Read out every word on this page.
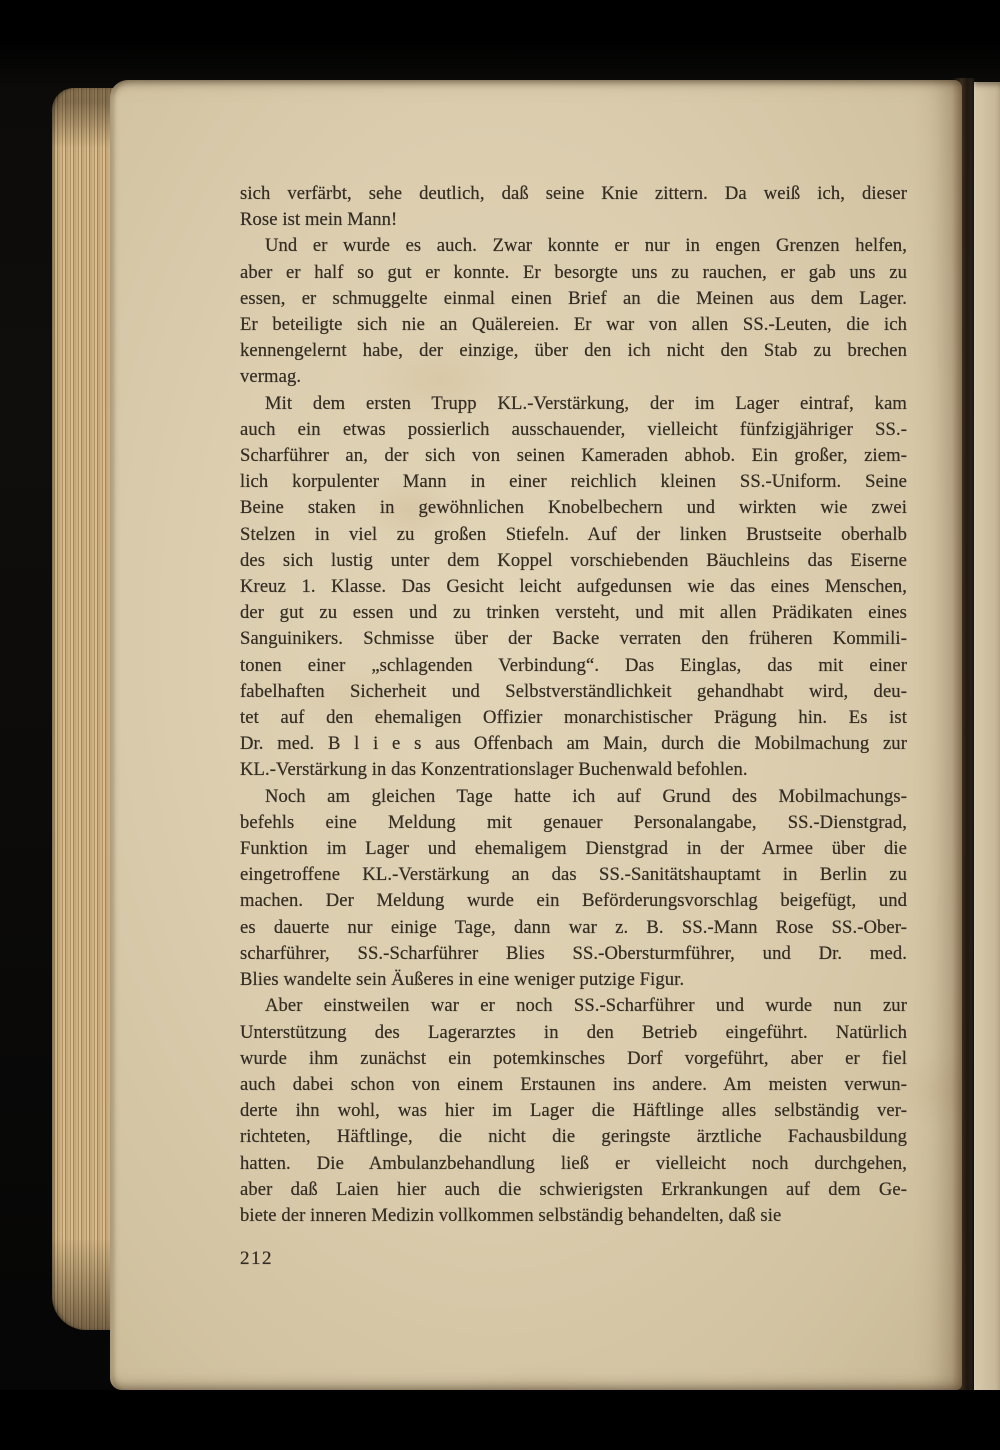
sich verfärbt, sehe deutlich, daß seine Knie zittern. Da weiß ich, dieser
Rose ist mein Mann!
Und er wurde es auch. Zwar konnte er nur in engen Grenzen helfen,
aber er half so gut er konnte. Er besorgte uns zu rauchen, er gab uns zu
essen, er schmuggelte einmal einen Brief an die Meinen aus dem Lager.
Er beteiligte sich nie an Quälereien. Er war von allen SS.-Leuten, die ich
kennengelernt habe, der einzige, über den ich nicht den Stab zu brechen
vermag.
Mit dem ersten Trupp KL.-Verstärkung, der im Lager eintraf, kam
auch ein etwas possierlich ausschauender, vielleicht fünfzigjähriger SS.-
Scharführer an, der sich von seinen Kameraden abhob. Ein großer, ziem-
lich korpulenter Mann in einer reichlich kleinen SS.-Uniform. Seine
Beine staken in gewöhnlichen Knobelbechern und wirkten wie zwei
Stelzen in viel zu großen Stiefeln. Auf der linken Brustseite oberhalb
des sich lustig unter dem Koppel vorschiebenden Bäuchleins das Eiserne
Kreuz 1. Klasse. Das Gesicht leicht aufgedunsen wie das eines Menschen,
der gut zu essen und zu trinken versteht, und mit allen Prädikaten eines
Sanguinikers. Schmisse über der Backe verraten den früheren Kommili-
tonen einer „schlagenden Verbindung“. Das Einglas, das mit einer
fabelhaften Sicherheit und Selbstverständlichkeit gehandhabt wird, deu-
tet auf den ehemaligen Offizier monarchistischer Prägung hin. Es ist
Dr. med. B l i e s aus Offenbach am Main, durch die Mobilmachung zur
KL.-Verstärkung in das Konzentrationslager Buchenwald befohlen.
Noch am gleichen Tage hatte ich auf Grund des Mobilmachungs-
befehls eine Meldung mit genauer Personalangabe, SS.-Dienstgrad,
Funktion im Lager und ehemaligem Dienstgrad in der Armee über die
eingetroffene KL.-Verstärkung an das SS.-Sanitätshauptamt in Berlin zu
machen. Der Meldung wurde ein Beförderungsvorschlag beigefügt, und
es dauerte nur einige Tage, dann war z. B. SS.-Mann Rose SS.-Ober-
scharführer, SS.-Scharführer Blies SS.-Obersturmführer, und Dr. med.
Blies wandelte sein Äußeres in eine weniger putzige Figur.
Aber einstweilen war er noch SS.-Scharführer und wurde nun zur
Unterstützung des Lagerarztes in den Betrieb eingeführt. Natürlich
wurde ihm zunächst ein potemkinsches Dorf vorgeführt, aber er fiel
auch dabei schon von einem Erstaunen ins andere. Am meisten verwun-
derte ihn wohl, was hier im Lager die Häftlinge alles selbständig ver-
richteten, Häftlinge, die nicht die geringste ärztliche Fachausbildung
hatten. Die Ambulanzbehandlung ließ er vielleicht noch durchgehen,
aber daß Laien hier auch die schwierigsten Erkrankungen auf dem Ge-
biete der inneren Medizin vollkommen selbständig behandelten, daß sie
212
